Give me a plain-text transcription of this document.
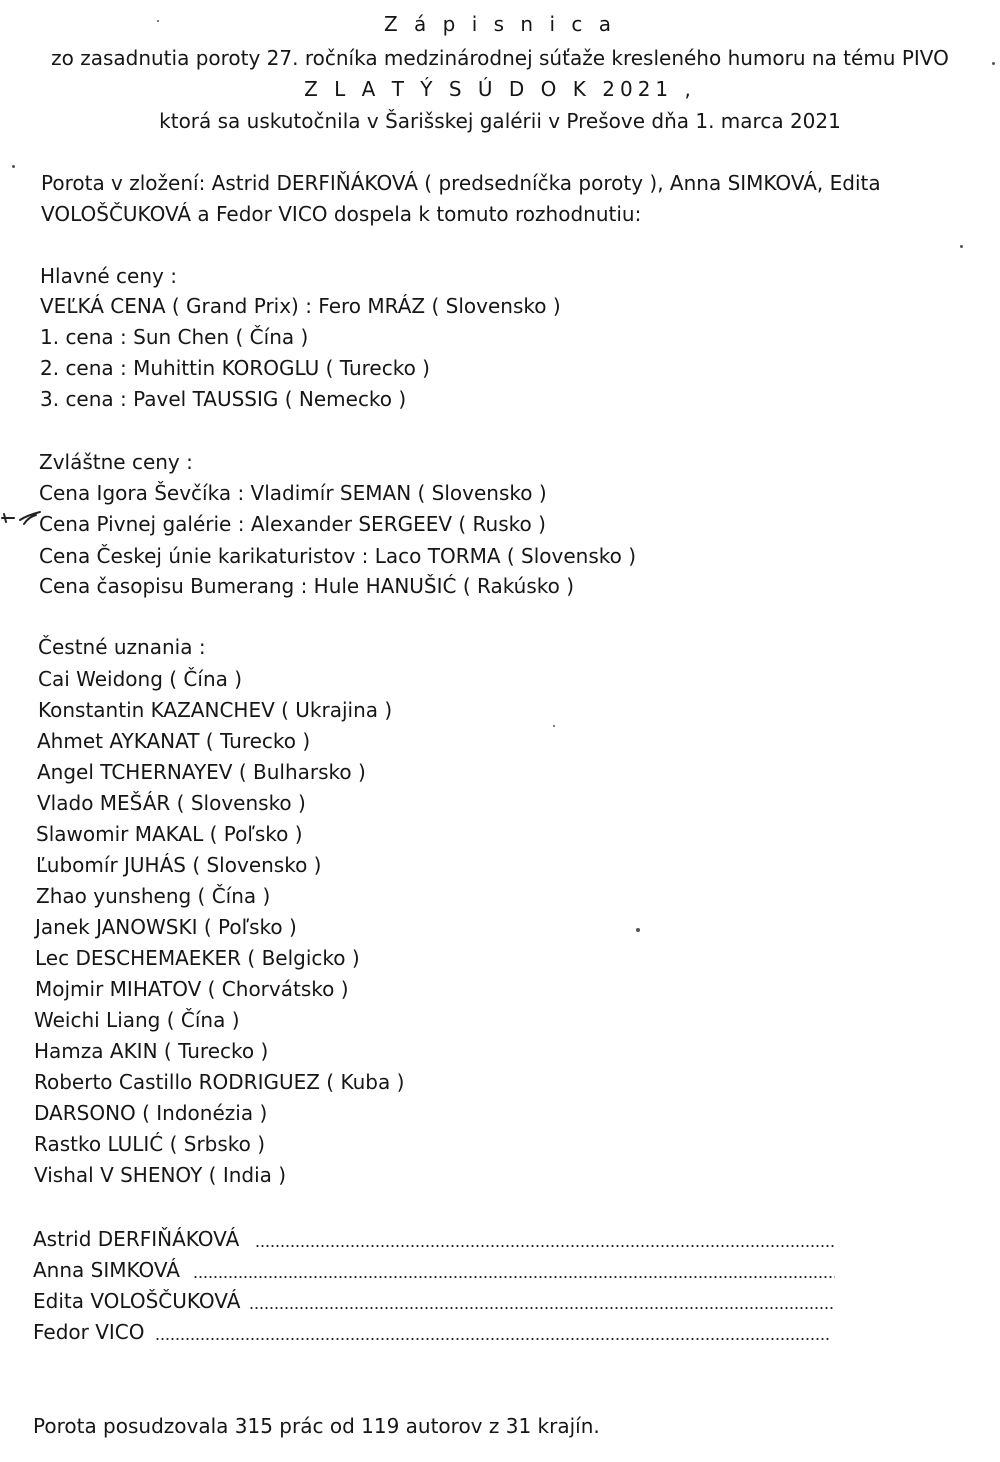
Z á p i s n i c a
zo zasadnutia poroty 27. ročníka medzinárodnej súťaže kresleného humoru na tému PIVO
Z L A T Ý S Ú D O K 2021 ,
ktorá sa uskutočnila v Šarišskej galérii v Prešove dňa 1. marca 2021
Porota v zložení: Astrid DERFIŇÁKOVÁ ( predsedníčka poroty ), Anna SIMKOVÁ, Edita
VOLOŠČUKOVÁ a Fedor VICO dospela k tomuto rozhodnutiu:
Hlavné ceny :
VEĽKÁ CENA ( Grand Prix) : Fero MRÁZ ( Slovensko )
1. cena : Sun Chen ( Čína )
2. cena : Muhittin KOROGLU ( Turecko )
3. cena : Pavel TAUSSIG ( Nemecko )
Zvláštne ceny :
Cena Igora Ševčíka : Vladimír SEMAN ( Slovensko )
Cena Pivnej galérie : Alexander SERGEEV ( Rusko )
Cena Českej únie karikaturistov : Laco TORMA ( Slovensko )
Cena časopisu Bumerang : Hule HANUŠIĆ ( Rakúsko )
Čestné uznania :
Cai Weidong ( Čína )
Konstantin KAZANCHEV ( Ukrajina )
Ahmet AYKANAT ( Turecko )
Angel TCHERNAYEV ( Bulharsko )
Vlado MEŠÁR ( Slovensko )
Slawomir MAKAL ( Poľsko )
Ľubomír JUHÁS ( Slovensko )
Zhao yunsheng ( Čína )
Janek JANOWSKI ( Poľsko )
Lec DESCHEMAEKER ( Belgicko )
Mojmir MIHATOV ( Chorvátsko )
Weichi Liang ( Čína )
Hamza AKIN ( Turecko )
Roberto Castillo RODRIGUEZ ( Kuba )
DARSONO ( Indonézia )
Rastko LULIĆ ( Srbsko )
Vishal V SHENOY ( India )
Astrid DERFIŇÁKOVÁ
Anna SIMKOVÁ
Edita VOLOŠČUKOVÁ
Fedor VICO
Porota posudzovala 315 prác od 119 autorov z 31 krajín.
